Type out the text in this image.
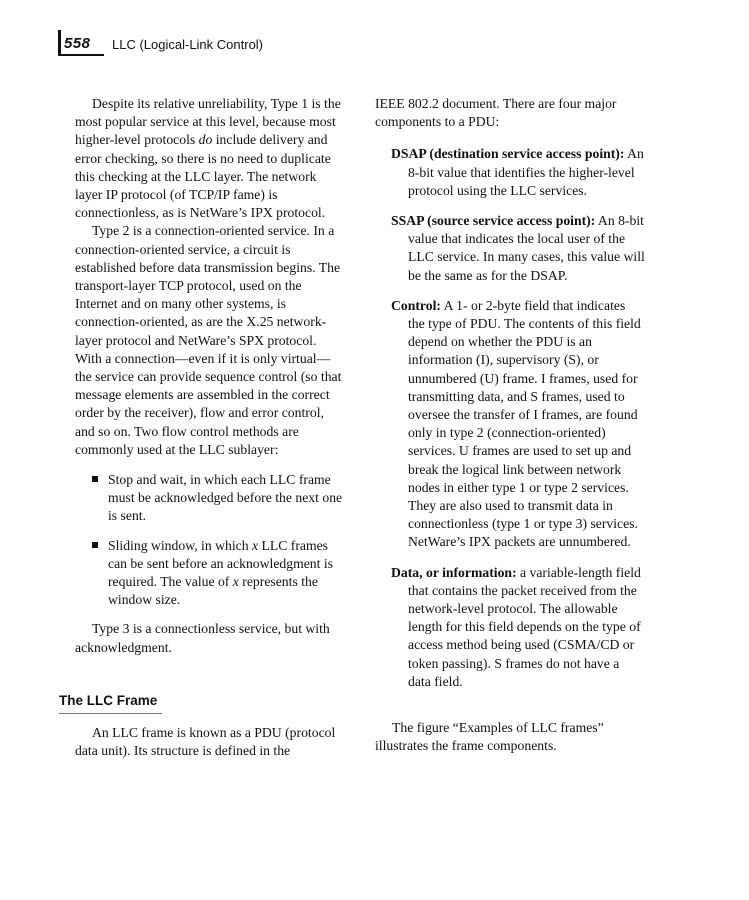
558 LLC (Logical-Link Control)

Despite its relative unreliability, Type 1 is the most popular service at this level, because most higher-level protocols do include delivery and error checking, so there is no need to duplicate this checking at the LLC layer. The network layer IP protocol (of TCP/IP fame) is connectionless, as is NetWare’s IPX protocol.

Type 2 is a connection-oriented service. In a connection-oriented service, a circuit is established before data transmission begins. The transport-layer TCP protocol, used on the Internet and on many other systems, is connection-oriented, as are the X.25 network-layer protocol and NetWare’s SPX protocol. With a connection—even if it is only virtual—the service can provide sequence control (so that message elements are assembled in the correct order by the receiver), flow and error control, and so on. Two flow control methods are commonly used at the LLC sublayer:

Stop and wait, in which each LLC frame must be acknowledged before the next one is sent.
Sliding window, in which x LLC frames can be sent before an acknowledgment is required. The value of x represents the window size.

Type 3 is a connectionless service, but with acknowledgment.

The LLC Frame

An LLC frame is known as a PDU (protocol data unit). Its structure is defined in the

IEEE 802.2 document. There are four major components to a PDU:

DSAP (destination service access point): An 8-bit value that identifies the higher-level protocol using the LLC services.

SSAP (source service access point): An 8-bit value that indicates the local user of the LLC service. In many cases, this value will be the same as for the DSAP.

Control: A 1- or 2-byte field that indicates the type of PDU. The contents of this field depend on whether the PDU is an information (I), supervisory (S), or unnumbered (U) frame. I frames, used for transmitting data, and S frames, used to oversee the transfer of I frames, are found only in type 2 (connection-oriented) services. U frames are used to set up and break the logical link between network nodes in either type 1 or type 2 services. They are also used to transmit data in connectionless (type 1 or type 3) services. NetWare’s IPX packets are unnumbered.

Data, or information: a variable-length field that contains the packet received from the network-level protocol. The allowable length for this field depends on the type of access method being used (CSMA/CD or token passing). S frames do not have a data field.

The figure “Examples of LLC frames” illustrates the frame components.
